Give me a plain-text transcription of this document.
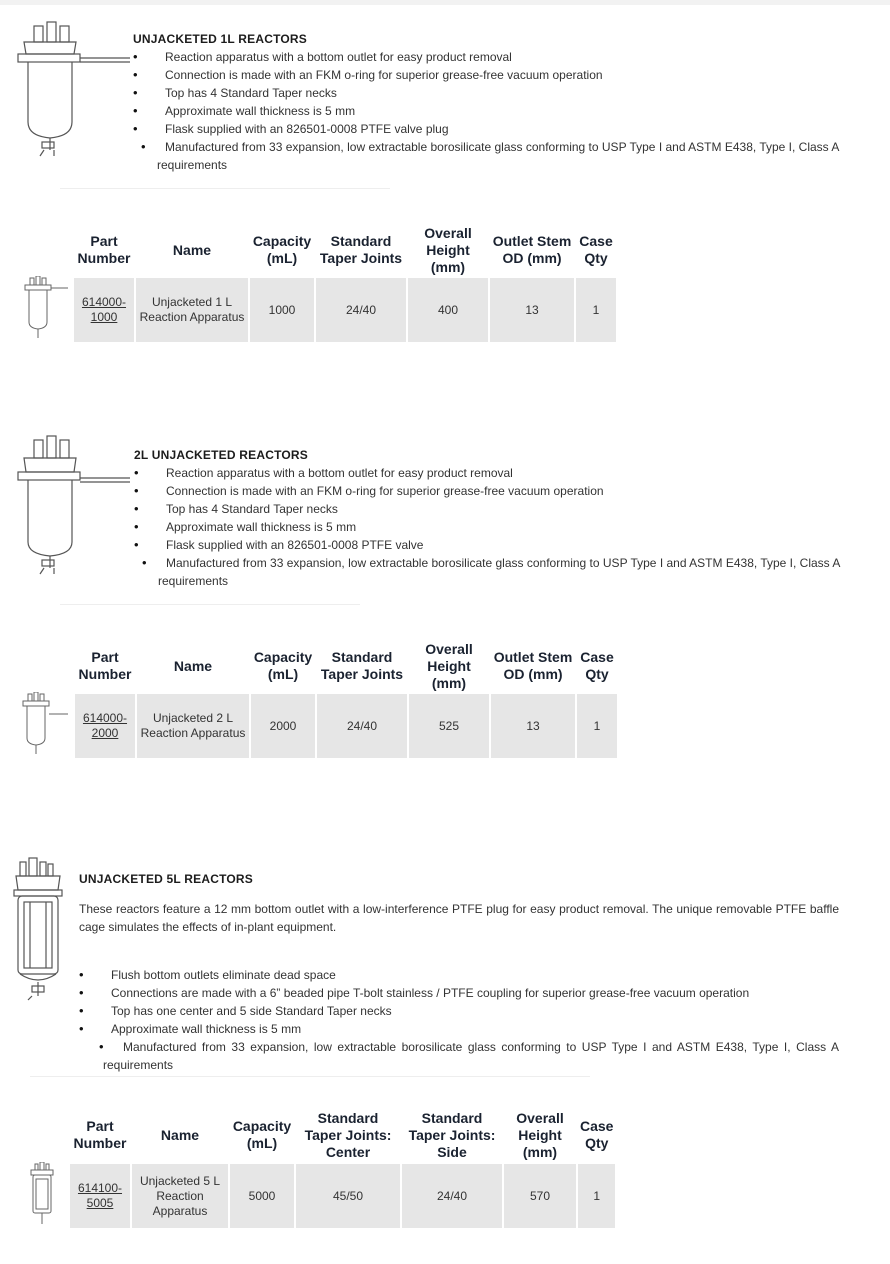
UNJACKETED 1L REACTORS
• Reaction apparatus with a bottom outlet for easy product removal
• Connection is made with an FKM o-ring for superior grease-free vacuum operation
• Top has 4 Standard Taper necks
• Approximate wall thickness is 5 mm
• Flask supplied with an 826501-0008 PTFE valve plug
• Manufactured from 33 expansion, low extractable borosilicate glass conforming to USP Type I and ASTM E438, Type I, Class A requirements
Part Number	Name	Capacity (mL)	Standard Taper Joints	Overall Height (mm)	Outlet Stem OD (mm)	Case Qty
614000-1000	Unjacketed 1 L Reaction Apparatus	1000	24/40	400	13	1
2L UNJACKETED REACTORS
• Reaction apparatus with a bottom outlet for easy product removal
• Connection is made with an FKM o-ring for superior grease-free vacuum operation
• Top has 4 Standard Taper necks
• Approximate wall thickness is 5 mm
• Flask supplied with an 826501-0008 PTFE valve
• Manufactured from 33 expansion, low extractable borosilicate glass conforming to USP Type I and ASTM E438, Type I, Class A requirements
Part Number	Name	Capacity (mL)	Standard Taper Joints	Overall Height (mm)	Outlet Stem OD (mm)	Case Qty
614000-2000	Unjacketed 2 L Reaction Apparatus	2000	24/40	525	13	1
UNJACKETED 5L REACTORS
These reactors feature a 12 mm bottom outlet with a low-interference PTFE plug for easy product removal. The unique removable PTFE baffle cage simulates the effects of in-plant equipment.
• Flush bottom outlets eliminate dead space
• Connections are made with a 6” beaded pipe T-bolt stainless / PTFE coupling for superior grease-free vacuum operation
• Top has one center and 5 side Standard Taper necks
• Approximate wall thickness is 5 mm
• Manufactured from 33 expansion, low extractable borosilicate glass conforming to USP Type I and ASTM E438, Type I, Class A requirements
Part Number	Name	Capacity (mL)	Standard Taper Joints: Center	Standard Taper Joints: Side	Overall Height (mm)	Case Qty
614100-5005	Unjacketed 5 L Reaction Apparatus	5000	45/50	24/40	570	1
